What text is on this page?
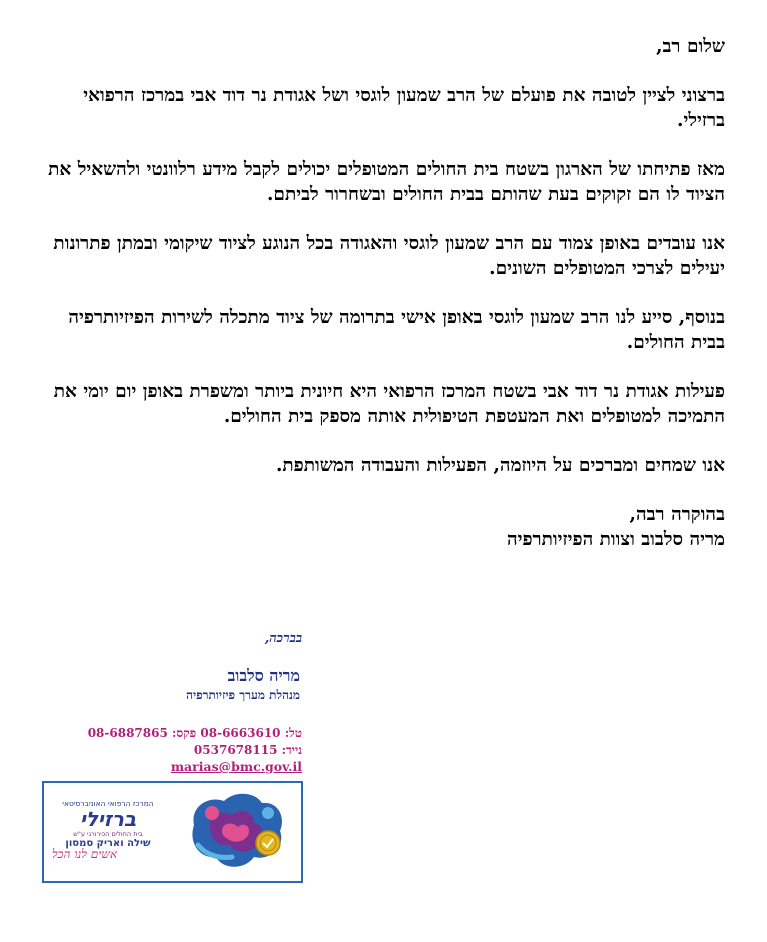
שלום רב,

ברצוני לציין לטובה את פועלם של הרב שמעון לוגסי ושל אגודת נר דוד אבי במרכז הרפואי ברזילי.

מאז פתיחתו של הארגון בשטח בית החולים המטופלים יכולים לקבל מידע רלוונטי ולהשאיל את הציוד לו הם זקוקים בעת שהותם בבית החולים ובשחרור לביתם.

אנו עובדים באופן צמוד עם הרב שמעון לוגסי והאגודה בכל הנוגע לציוד שיקומי ובמתן פתרונות יעילים לצרכי המטופלים השונים.

בנוסף, סייע לנו הרב שמעון לוגסי באופן אישי בתרומה של ציוד מתכלה לשירות הפיזיותרפיה בבית החולים.

פעילות אגודת נר דוד אבי בשטח המרכז הרפואי היא חיונית ביותר ומשפרת באופן יום יומי את התמיכה למטופלים ואת המעטפת הטיפולית אותה מספק בית החולים.

אנו שמחים ומברכים על היוזמה, הפעילות והעבודה המשותפת.

בהוקרה רבה,

מריה סלבוב וצוות הפיזיותרפיה

בברכה,
מריה סלבוב
מנהלת מערך פיזיותרפיה
טל: 08-6663610 פקס: 08-6887865
נייד: 0537678115
marias@bmc.gov.il
המרכז הרפואי האוניברסיטאי
ברזילי
בית החולים הכירורגי ע"ש
שילה ואריק סמסון
אשים לנו הכל
